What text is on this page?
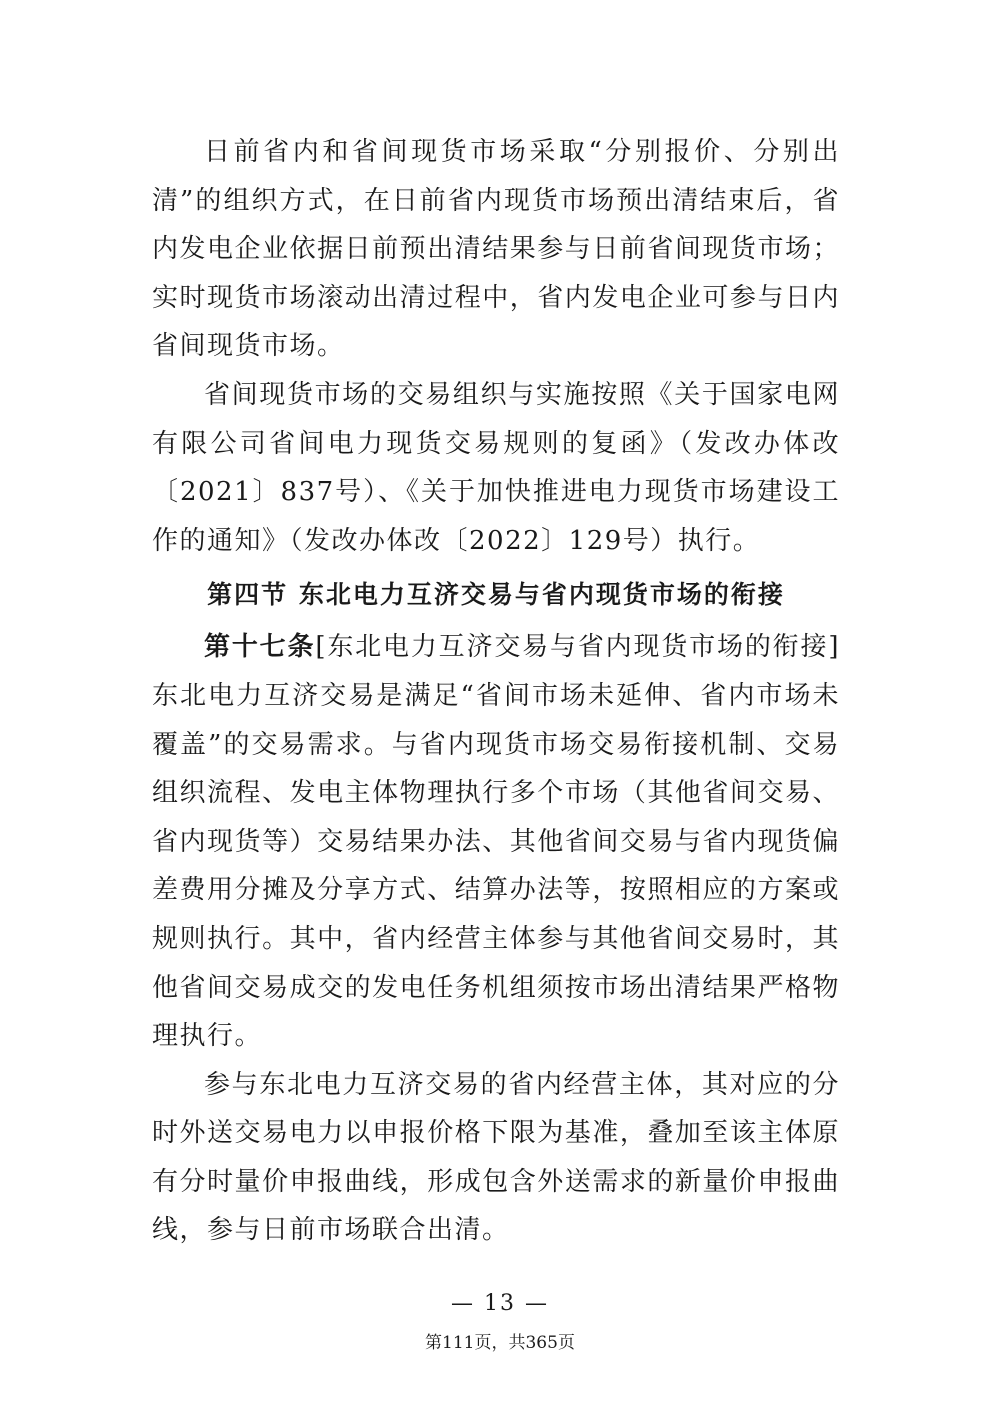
日前省内和省间现货市场采取“分别报价、分别出清”的组织方式，在日前省内现货市场预出清结束后，省内发电企业依据日前预出清结果参与日前省间现货市场；实时现货市场滚动出清过程中，省内发电企业可参与日内省间现货市场。

省间现货市场的交易组织与实施按照《关于国家电网有限公司省间电力现货交易规则的复函》（发改办体改〔2021〕837号）、《关于加快推进电力现货市场建设工作的通知》（发改办体改〔2022〕129号）执行。

第四节 东北电力互济交易与省内现货市场的衔接

第十七条[东北电力互济交易与省内现货市场的衔接]东北电力互济交易是满足“省间市场未延伸、省内市场未覆盖”的交易需求。与省内现货市场交易衔接机制、交易组织流程、发电主体物理执行多个市场（其他省间交易、省内现货等）交易结果办法、其他省间交易与省内现货偏差费用分摊及分享方式、结算办法等，按照相应的方案或规则执行。其中，省内经营主体参与其他省间交易时，其他省间交易成交的发电任务机组须按市场出清结果严格物理执行。

参与东北电力互济交易的省内经营主体，其对应的分时外送交易电力以申报价格下限为基准，叠加至该主体原有分时量价申报曲线，形成包含外送需求的新量价申报曲线，参与日前市场联合出清。

— 13 —
第111页，共365页
